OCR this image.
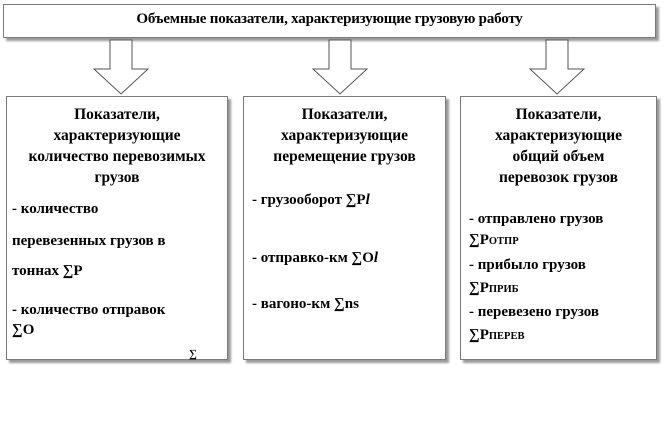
Объемные показатели, характеризующие грузовую работу
Показатели,
характеризующие
количество перевозимых
грузов
- количество
перевезенных грузов в
тоннах ∑P
- количество отправок
∑O
∑
Показатели,
характеризующие
перемещение грузов
- грузооборот ∑Pl
- отправко-км ∑Ol
- вагоно-км ∑ns
Показатели,
характеризующие
общий объем
перевозок грузов
- отправлено грузов
∑PОТПР
- прибыло грузов
∑PПРИБ
- перевезено грузов
∑PПЕРЕВ
